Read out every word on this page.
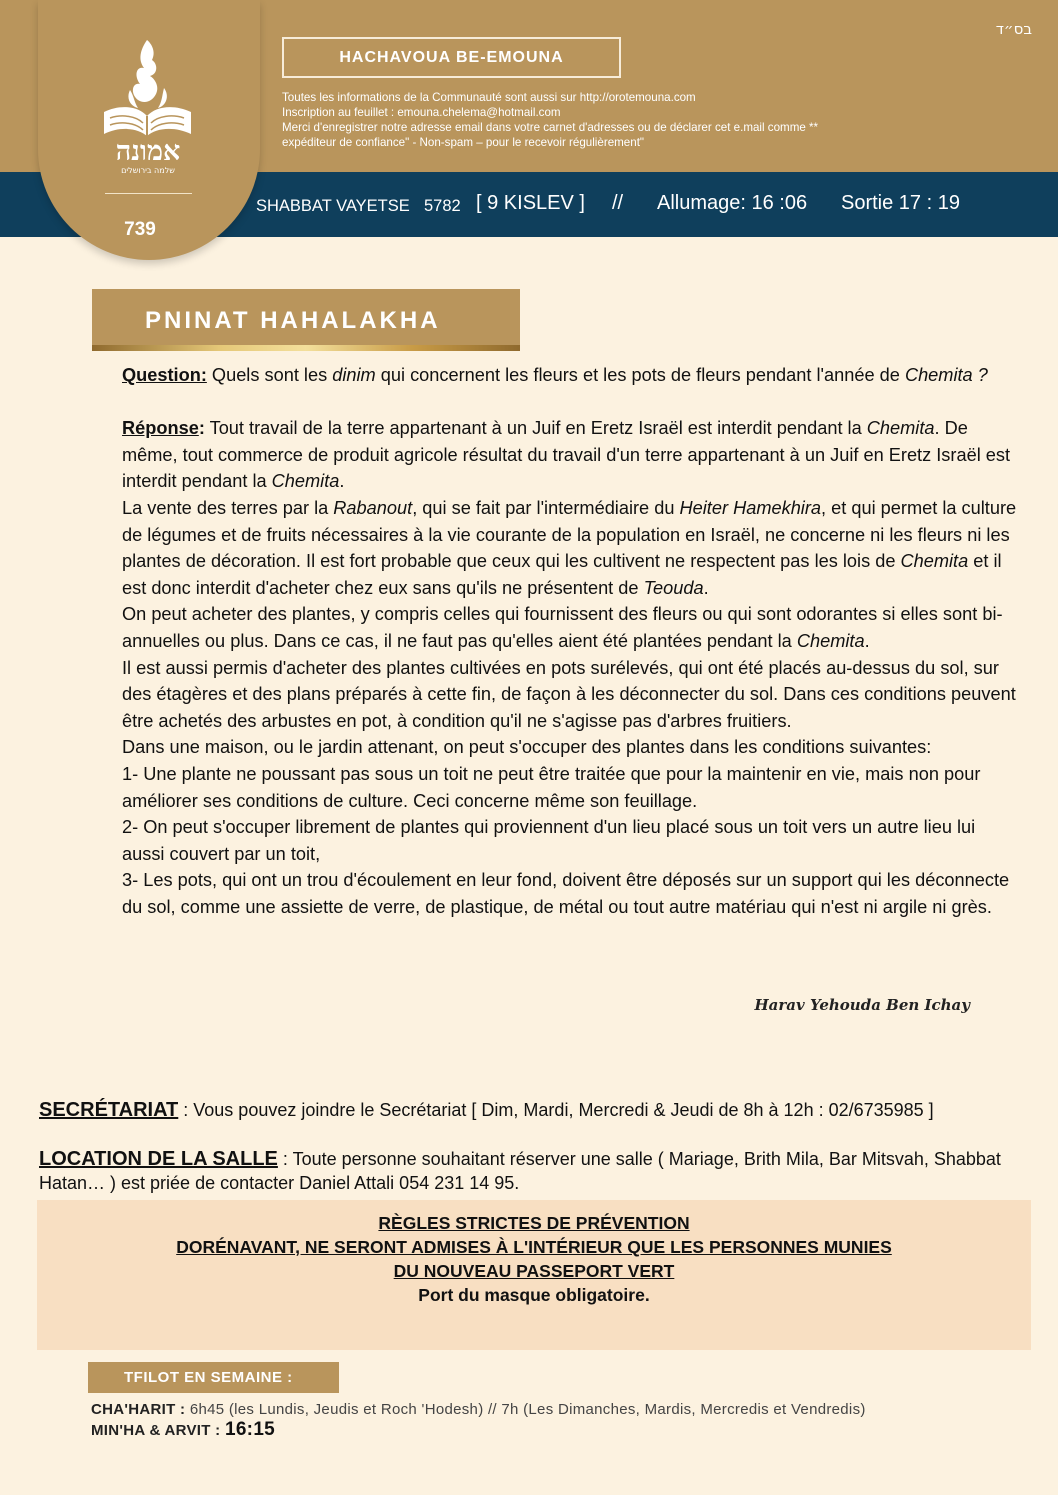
בס״ד
HACHAVOUA BE-EMOUNA
Toutes les informations de la Communauté sont aussi sur http://orotemouna.com
Inscription au feuillet : emouna.chelema@hotmail.com
Merci d'enregistrer notre adresse email dans votre carnet d'adresses ou de déclarer cet e.mail comme **
expéditeur de confiance" - Non-spam – pour le recevoir régulièrement"
אמונה
שלמה בירושלים
739
SHABBAT VAYETSE 5782 [ 9 KISLEV ] // Allumage: 16 :06 Sortie 17 : 19
PNINAT HAHALAKHA

Question: Quels sont les dinim qui concernent les fleurs et les pots de fleurs pendant l'année de Chemita ?

Réponse: Tout travail de la terre appartenant à un Juif en Eretz Israël est interdit pendant la Chemita. De même, tout commerce de produit agricole résultat du travail d'un terre appartenant à un Juif en Eretz Israël est interdit pendant la Chemita.

La vente des terres par la Rabanout, qui se fait par l'intermédiaire du Heiter Hamekhira, et qui permet la culture de légumes et de fruits nécessaires à la vie courante de la population en Israël, ne concerne ni les fleurs ni les plantes de décoration. Il est fort probable que ceux qui les cultivent ne respectent pas les lois de Chemita et il est donc interdit d'acheter chez eux sans qu'ils ne présentent de Teouda.

On peut acheter des plantes, y compris celles qui fournissent des fleurs ou qui sont odorantes si elles sont bi-annuelles ou plus. Dans ce cas, il ne faut pas qu'elles aient été plantées pendant la Chemita.

Il est aussi permis d'acheter des plantes cultivées en pots surélevés, qui ont été placés au-dessus du sol, sur des étagères et des plans préparés à cette fin, de façon à les déconnecter du sol. Dans ces conditions peuvent être achetés des arbustes en pot, à condition qu'il ne s'agisse pas d'arbres fruitiers.

Dans une maison, ou le jardin attenant, on peut s'occuper des plantes dans les conditions suivantes:

1- Une plante ne poussant pas sous un toit ne peut être traitée que pour la maintenir en vie, mais non pour améliorer ses conditions de culture. Ceci concerne même son feuillage.

2- On peut s'occuper librement de plantes qui proviennent d'un lieu placé sous un toit vers un autre lieu lui aussi couvert par un toit,

3- Les pots, qui ont un trou d'écoulement en leur fond, doivent être déposés sur un support qui les déconnecte du sol, comme une assiette de verre, de plastique, de métal ou tout autre matériau qui n'est ni argile ni grès.

Harav Yehouda Ben Ichay
SECRÉTARIAT : Vous pouvez joindre le Secrétariat [ Dim, Mardi, Mercredi & Jeudi de 8h à 12h : 02/6735985 ]
LOCATION DE LA SALLE : Toute personne souhaitant réserver une salle ( Mariage, Brith Mila, Bar Mitsvah, Shabbat Hatan… ) est priée de contacter Daniel Attali 054 231 14 95.
RÈGLES STRICTES DE PRÉVENTION
DORÉNAVANT, NE SERONT ADMISES À L'INTÉRIEUR QUE LES PERSONNES MUNIES
DU NOUVEAU PASSEPORT VERT
Port du masque obligatoire.
TFILOT EN SEMAINE :
CHA'HARIT : 6h45 (les Lundis, Jeudis et Roch 'Hodesh) // 7h (Les Dimanches, Mardis, Mercredis et Vendredis)
MIN'HA & ARVIT : 16:15
